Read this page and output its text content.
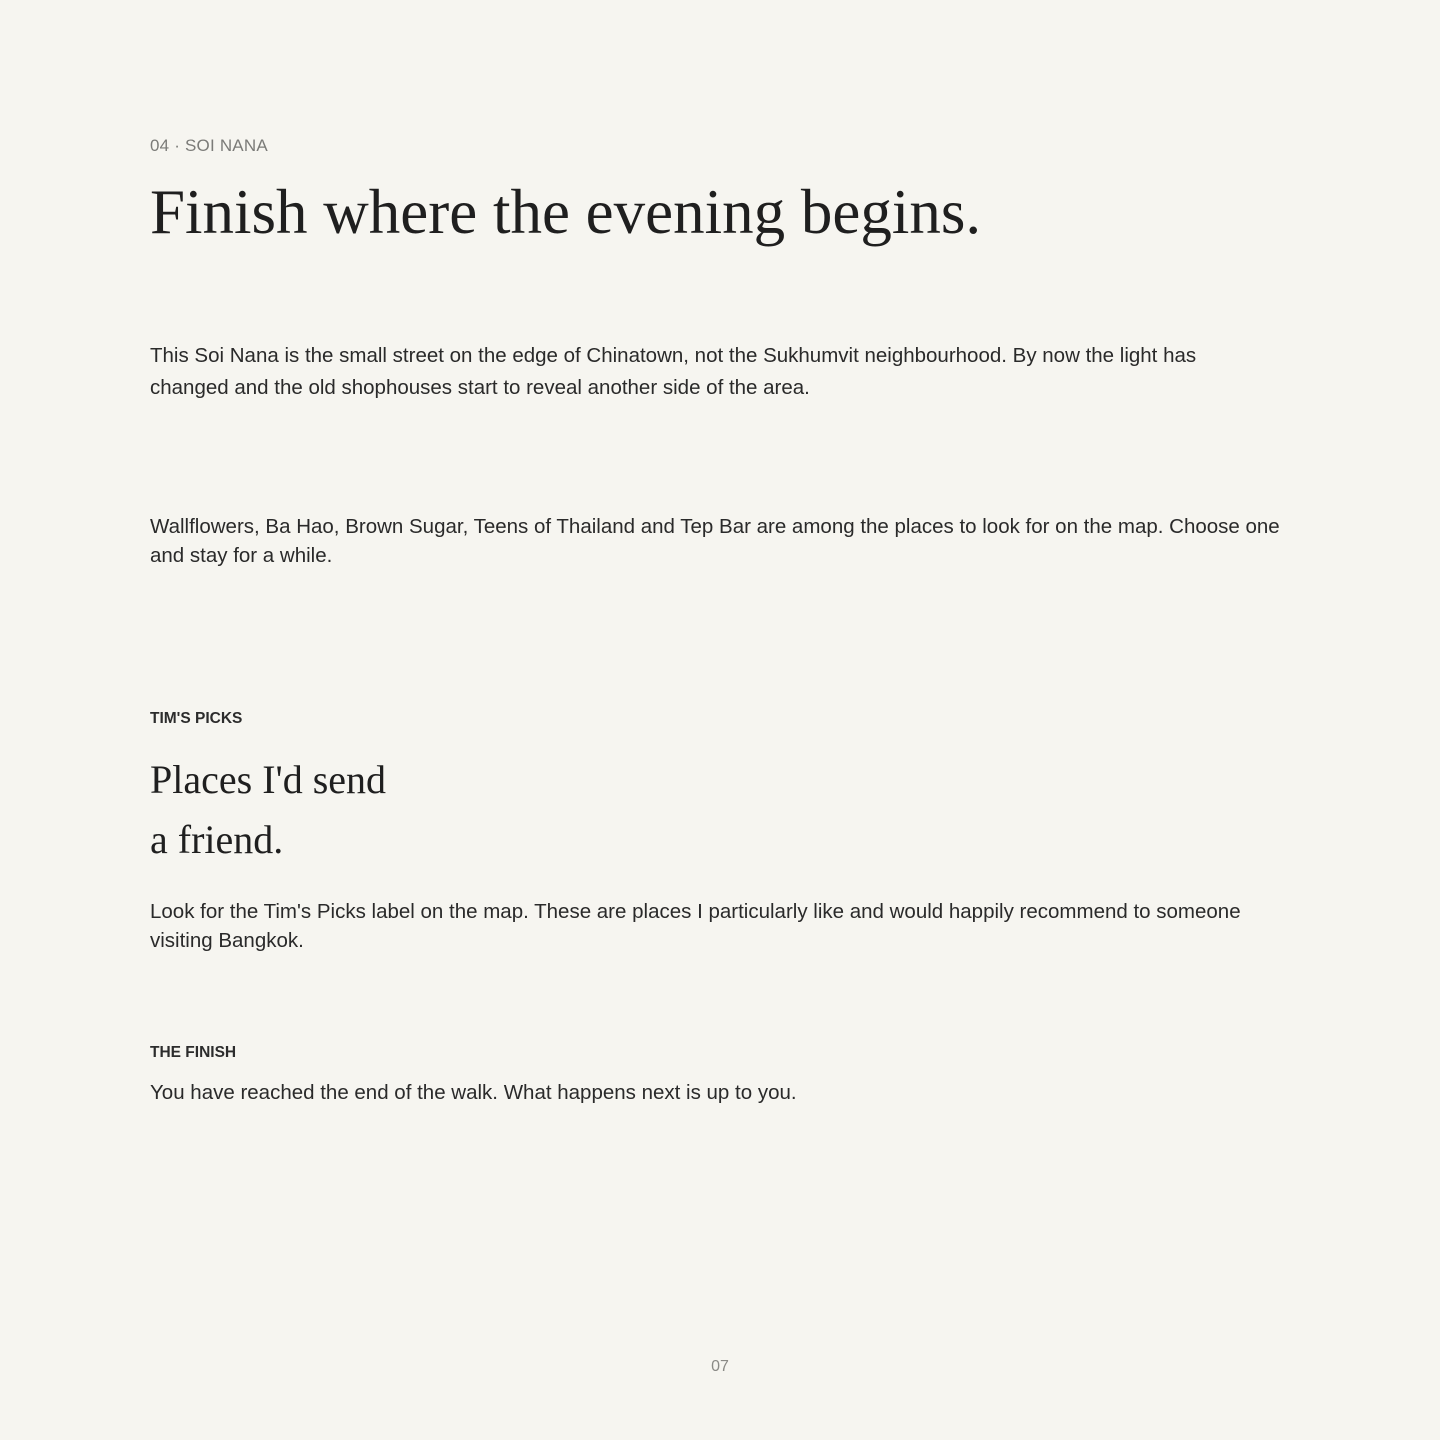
04 · SOI NANA
Finish where the evening begins.

This Soi Nana is the small street on the edge of Chinatown, not the Sukhumvit neighbourhood. By now the light has changed and the old shophouses start to reveal another side of the area.

Wallflowers, Ba Hao, Brown Sugar, Teens of Thailand and Tep Bar are among the places to look for on the map. Choose one and stay for a while.

TIM'S PICKS
Places I'd send
a friend.

Look for the Tim's Picks label on the map. These are places I particularly like and would happily recommend to someone visiting Bangkok.

THE FINISH

You have reached the end of the walk. What happens next is up to you.

07
